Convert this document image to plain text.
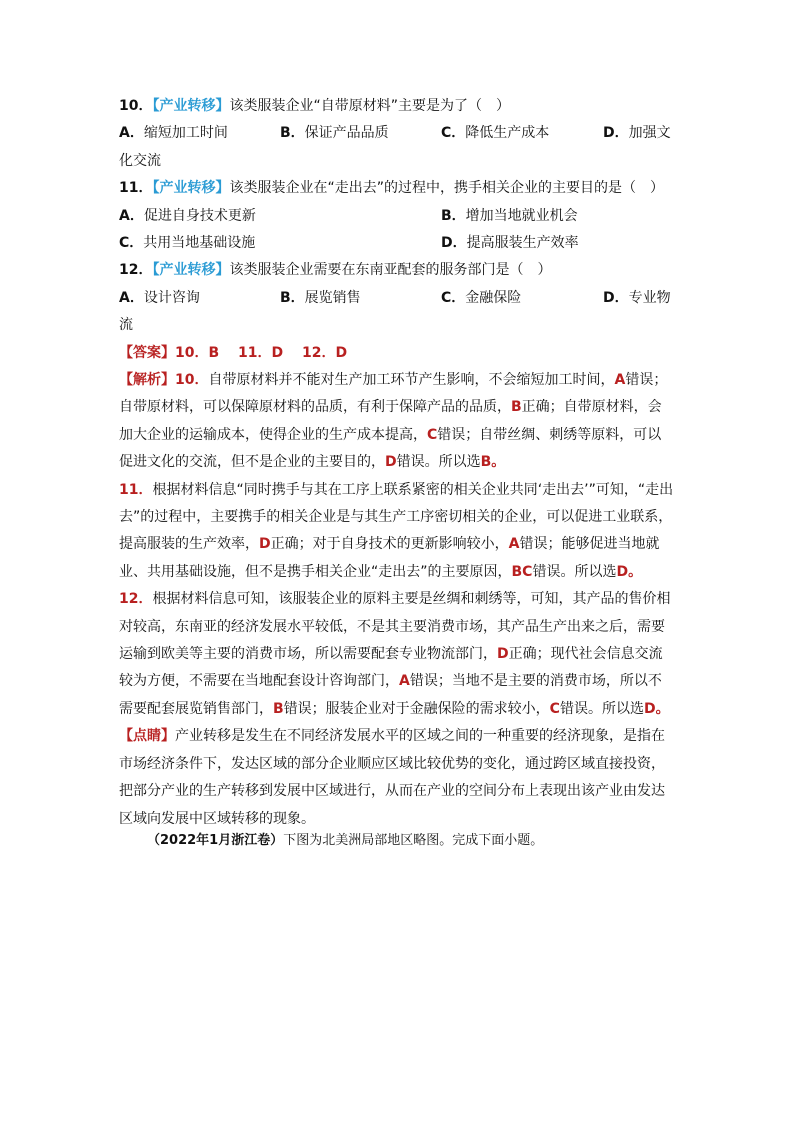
10．【产业转移】该类服装企业“自带原材料”主要是为了（　）
A．缩短加工时间	B．保证产品品质	C．降低生产成本	D．加强文
化交流
11．【产业转移】该类服装企业在“走出去”的过程中，携手相关企业的主要目的是（　）
A．促进自身技术更新	B．增加当地就业机会
C．共用当地基础设施	D．提高服装生产效率
12．【产业转移】该类服装企业需要在东南亚配套的服务部门是（　）
A．设计咨询	B．展览销售	C．金融保险	D．专业物
流
【答案】10．B　 11．D　 12．D
【解析】10．自带原材料并不能对生产加工环节产生影响，不会缩短加工时间，A错误；
自带原材料，可以保障原材料的品质，有利于保障产品的品质，B正确；自带原材料，会
加大企业的运输成本，使得企业的生产成本提高，C错误；自带丝绸、刺绣等原料，可以
促进文化的交流，但不是企业的主要目的，D错误。所以选B。
11．根据材料信息“同时携手与其在工序上联系紧密的相关企业共同‘走出去’”可知，“走出
去”的过程中，主要携手的相关企业是与其生产工序密切相关的企业，可以促进工业联系，
提高服装的生产效率，D正确；对于自身技术的更新影响较小，A错误；能够促进当地就
业、共用基础设施，但不是携手相关企业“走出去”的主要原因，BC错误。所以选D。
12．根据材料信息可知，该服装企业的原料主要是丝绸和刺绣等，可知，其产品的售价相
对较高，东南亚的经济发展水平较低，不是其主要消费市场，其产品生产出来之后，需要
运输到欧美等主要的消费市场，所以需要配套专业物流部门，D正确；现代社会信息交流
较为方便，不需要在当地配套设计咨询部门，A错误；当地不是主要的消费市场，所以不
需要配套展览销售部门，B错误；服装企业对于金融保险的需求较小，C错误。所以选D。
【点睛】产业转移是发生在不同经济发展水平的区域之间的一种重要的经济现象，是指在
市场经济条件下，发达区域的部分企业顺应区域比较优势的变化，通过跨区域直接投资，
把部分产业的生产转移到发展中区域进行，从而在产业的空间分布上表现出该产业由发达
区域向发展中区域转移的现象。
（2022年1月浙江卷）下图为北美洲局部地区略图。完成下面小题。
